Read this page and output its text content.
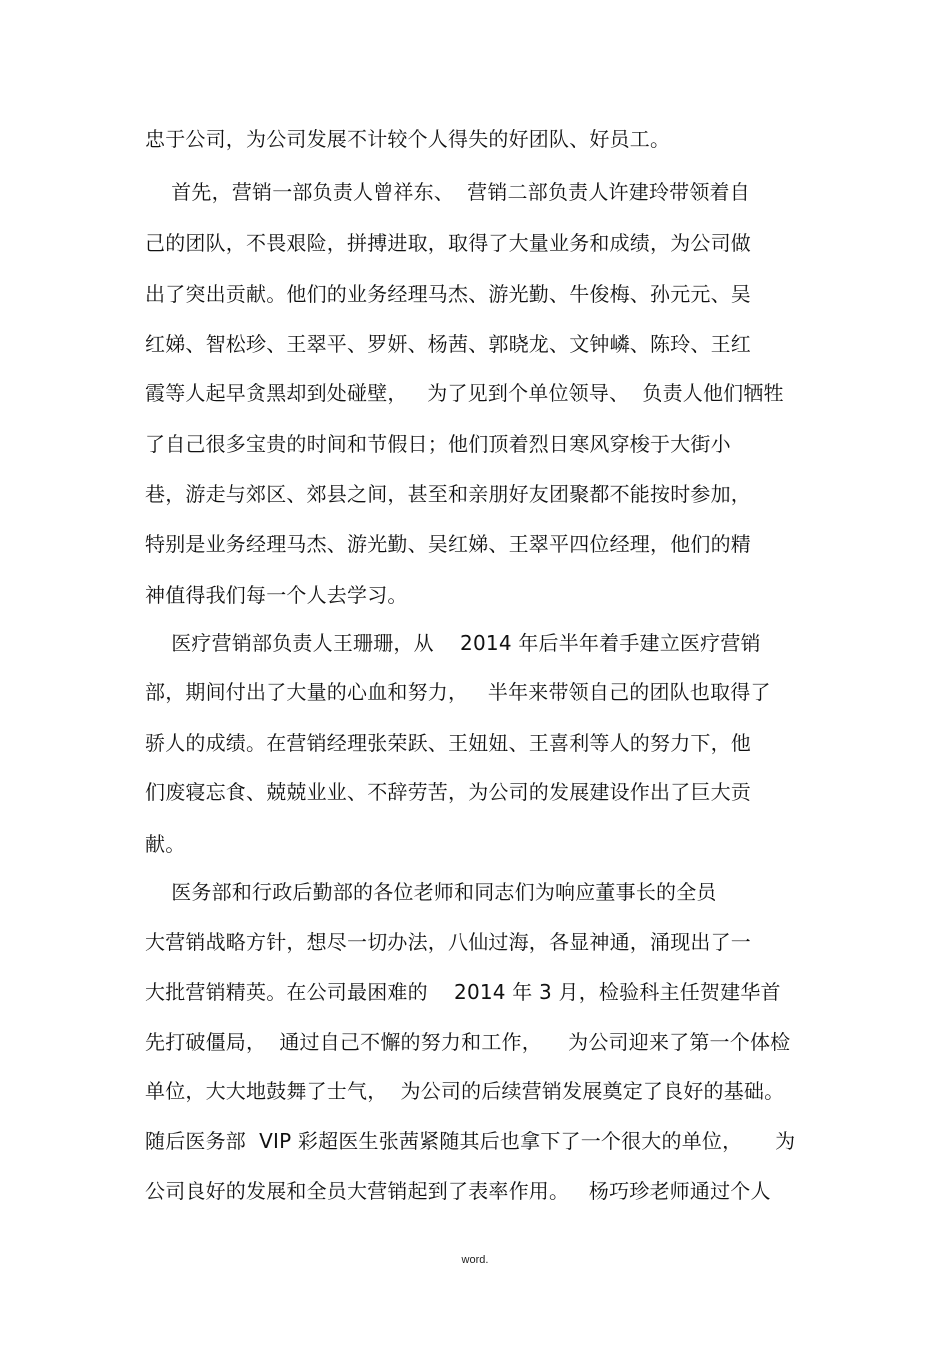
忠于公司，为公司发展不计较个人得失的好团队、好员工。
首先，营销一部负责人曾祥东、  营销二部负责人许建玲带领着自
己的团队，不畏艰险，拼搏进取，取得了大量业务和成绩，为公司做
出了突出贡献。他们的业务经理马杰、游光勤、牛俊梅、孙元元、吴
红娣、智松珍、王翠平、罗妍、杨茜、郭晓龙、文钟嶙、陈玲、王红
霞等人起早贪黑却到处碰壁，   为了见到个单位领导、  负责人他们牺牲
了自己很多宝贵的时间和节假日；他们顶着烈日寒风穿梭于大街小
巷，游走与郊区、郊县之间，甚至和亲朋好友团聚都不能按时参加，
特别是业务经理马杰、游光勤、吴红娣、王翠平四位经理，他们的精
神值得我们每一个人去学习。
医疗营销部负责人王珊珊，从    2014 年后半年着手建立医疗营销
部，期间付出了大量的心血和努力，   半年来带领自己的团队也取得了
骄人的成绩。在营销经理张荣跃、王妞妞、王喜利等人的努力下，他
们废寝忘食、兢兢业业、不辞劳苦，为公司的发展建设作出了巨大贡
献。
医务部和行政后勤部的各位老师和同志们为响应董事长的全员
大营销战略方针，想尽一切办法，八仙过海，各显神通，涌现出了一
大批营销精英。在公司最困难的    2014 年 3 月，检验科主任贺建华首
先打破僵局，  通过自己不懈的努力和工作，    为公司迎来了第一个体检
单位，大大地鼓舞了士气，  为公司的后续营销发展奠定了良好的基础。
随后医务部  VIP 彩超医生张茜紧随其后也拿下了一个很大的单位，     为
公司良好的发展和全员大营销起到了表率作用。   杨巧珍老师通过个人
word.
